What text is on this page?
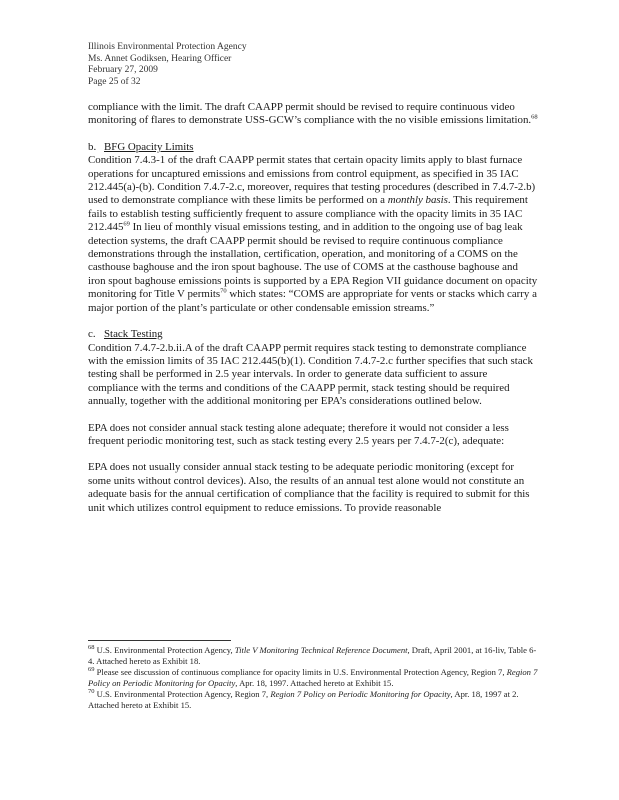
Illinois Environmental Protection Agency
Ms. Annet Godiksen, Hearing Officer
February 27, 2009
Page 25 of 32

compliance with the limit. The draft CAAPP permit should be revised to require continuous video monitoring of flares to demonstrate USS-GCW’s compliance with the no visible emissions limitation.$^{68}$

b. BFG Opacity Limits

Condition 7.4.3-1 of the draft CAAPP permit states that certain opacity limits apply to blast furnace operations for uncaptured emissions and emissions from control equipment, as specified in 35 IAC 212.445(a)-(b). Condition 7.4.7-2.c, moreover, requires that testing procedures (described in 7.4.7-2.b) used to demonstrate compliance with these limits be performed on a monthly basis. This requirement fails to establish testing sufficiently frequent to assure compliance with the opacity limits in 35 IAC 212.445$^{69}$ In lieu of monthly visual emissions testing, and in addition to the ongoing use of bag leak detection systems, the draft CAAPP permit should be revised to require continuous compliance demonstrations through the installation, certification, operation, and monitoring of a COMS on the casthouse baghouse and the iron spout baghouse. The use of COMS at the casthouse baghouse and iron spout baghouse emissions points is supported by a EPA Region VII guidance document on opacity monitoring for Title V permits$^{70}$ which states: “COMS are appropriate for vents or stacks which carry a major portion of the plant’s particulate or other condensable emission streams.”

c. Stack Testing

Condition 7.4.7-2.b.ii.A of the draft CAAPP permit requires stack testing to demonstrate compliance with the emission limits of 35 IAC 212.445(b)(1). Condition 7.4.7-2.c further specifies that such stack testing shall be performed in 2.5 year intervals. In order to generate data sufficient to assure compliance with the terms and conditions of the CAAPP permit, stack testing should be required annually, together with the additional monitoring per EPA’s considerations outlined below.

EPA does not consider annual stack testing alone adequate; therefore it would not consider a less frequent periodic monitoring test, such as stack testing every 2.5 years per 7.4.7-2(c), adequate:

EPA does not usually consider annual stack testing to be adequate periodic monitoring (except for some units without control devices). Also, the results of an annual test alone would not constitute an adequate basis for the annual certification of compliance that the facility is required to submit for this unit which utilizes control equipment to reduce emissions. To provide reasonable

$^{68}$ U.S. Environmental Protection Agency, Title V Monitoring Technical Reference Document, Draft, April 2001, at 16-liv, Table 6-4. Attached hereto as Exhibit 18.

$^{69}$ Please see discussion of continuous compliance for opacity limits in U.S. Environmental Protection Agency, Region 7, Region 7 Policy on Periodic Monitoring for Opacity, Apr. 18, 1997. Attached hereto at Exhibit 15.

$^{70}$ U.S. Environmental Protection Agency, Region 7, Region 7 Policy on Periodic Monitoring for Opacity, Apr. 18, 1997 at 2. Attached hereto at Exhibit 15.
